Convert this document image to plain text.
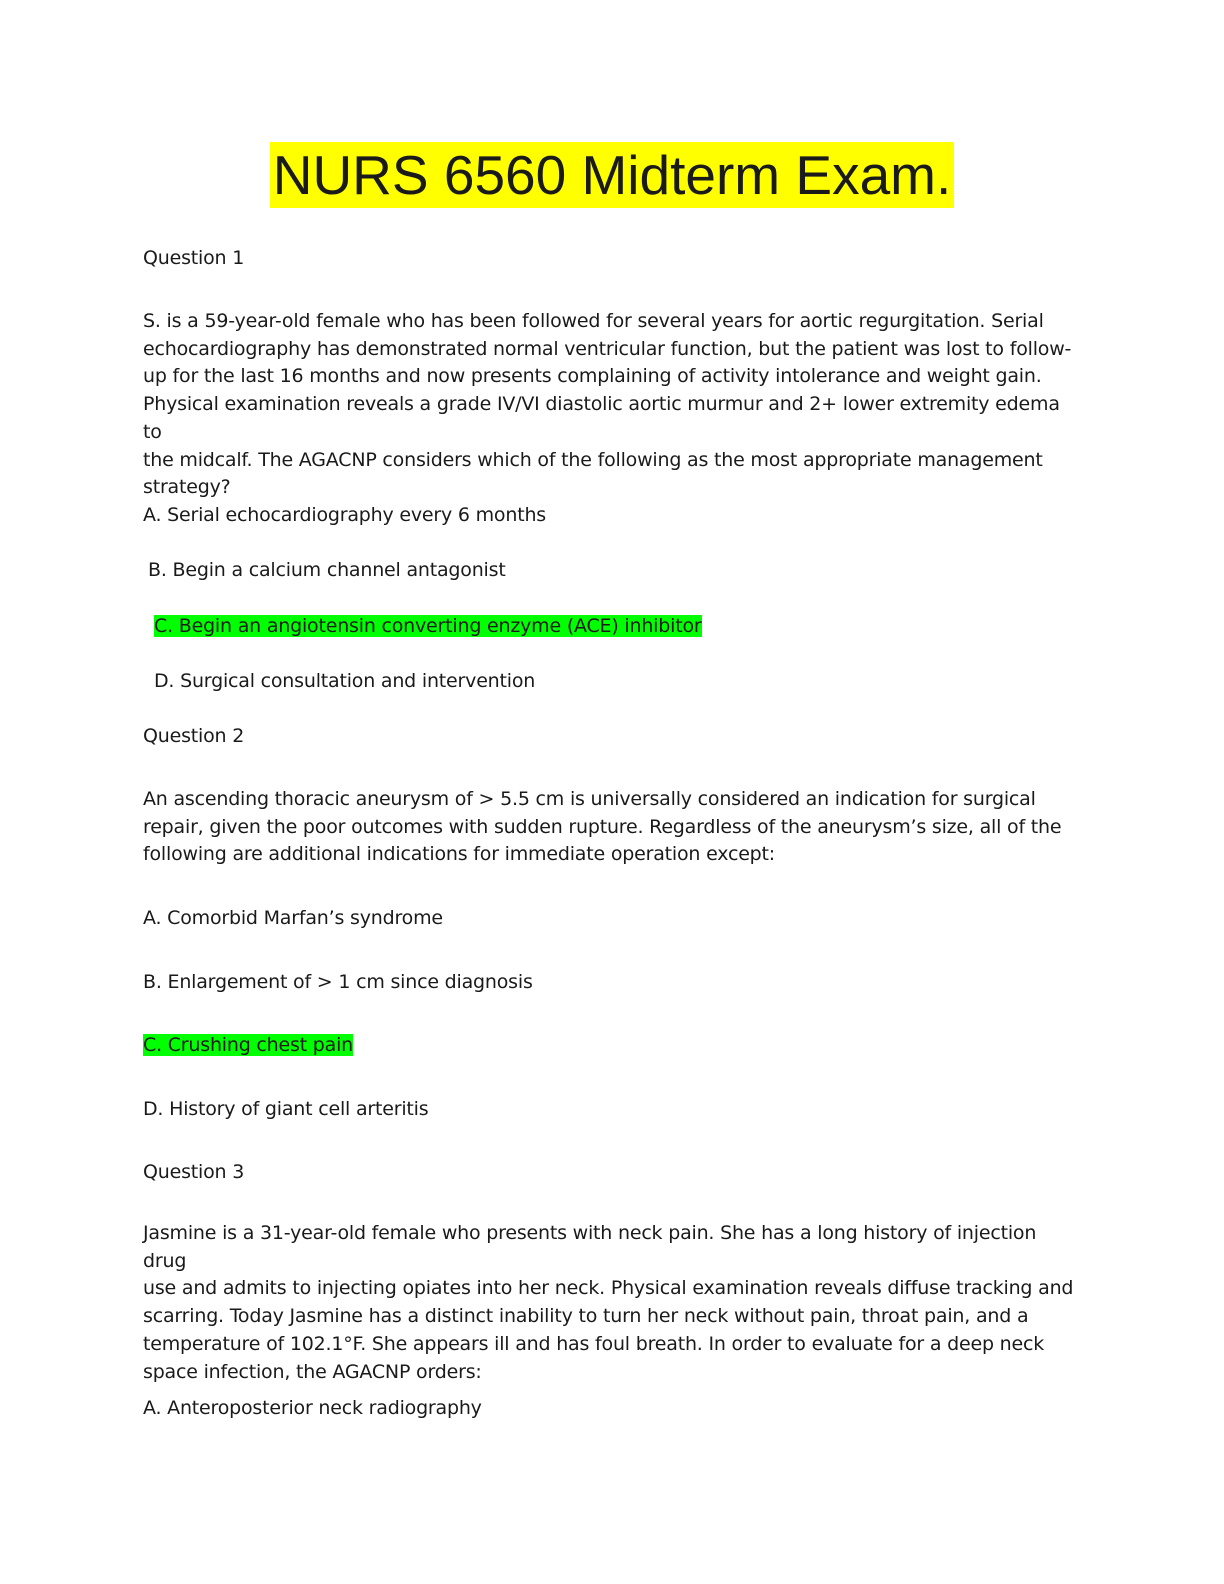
NURS 6560 Midterm Exam.
Question 1
S. is a 59-year-old female who has been followed for several years for aortic regurgitation. Serial
echocardiography has demonstrated normal ventricular function, but the patient was lost to follow-
up for the last 16 months and now presents complaining of activity intolerance and weight gain.
Physical examination reveals a grade IV/VI diastolic aortic murmur and 2+ lower extremity edema to
the midcalf. The AGACNP considers which of the following as the most appropriate management
strategy?
A. Serial echocardiography every 6 months
B. Begin a calcium channel antagonist
C. Begin an angiotensin converting enzyme (ACE) inhibitor
D. Surgical consultation and intervention
Question 2
An ascending thoracic aneurysm of > 5.5 cm is universally considered an indication for surgical
repair, given the poor outcomes with sudden rupture. Regardless of the aneurysm’s size, all of the
following are additional indications for immediate operation except:
A. Comorbid Marfan’s syndrome
B. Enlargement of > 1 cm since diagnosis
C. Crushing chest pain
D. History of giant cell arteritis
Question 3
Jasmine is a 31-year-old female who presents with neck pain. She has a long history of injection drug
use and admits to injecting opiates into her neck. Physical examination reveals diffuse tracking and
scarring. Today Jasmine has a distinct inability to turn her neck without pain, throat pain, and a
temperature of 102.1°F. She appears ill and has foul breath. In order to evaluate for a deep neck
space infection, the AGACNP orders:
A. Anteroposterior neck radiography
